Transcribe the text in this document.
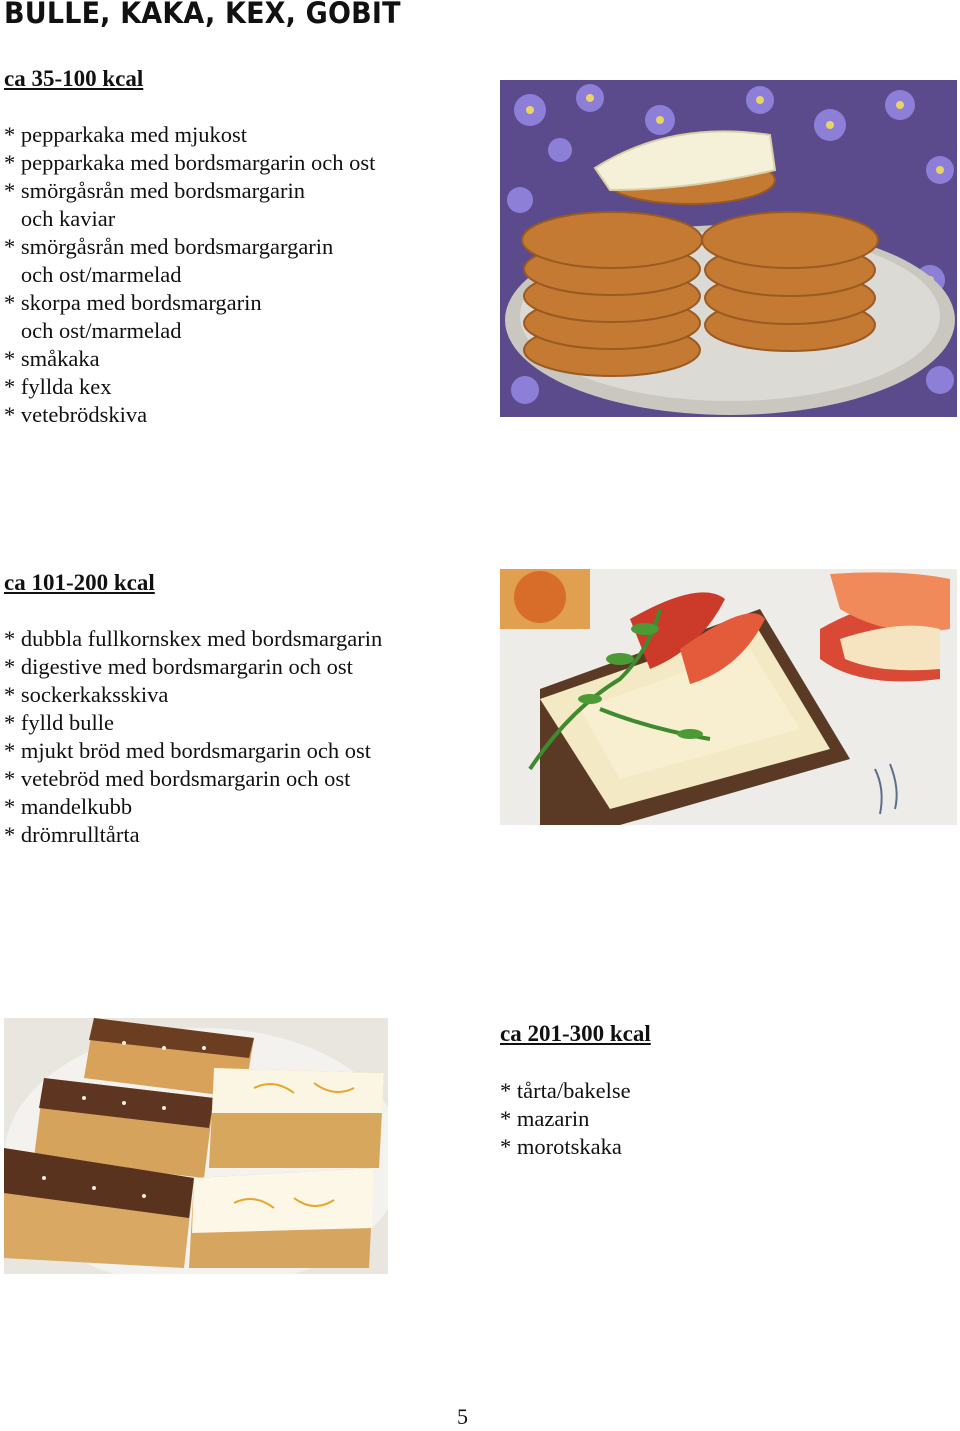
BULLE, KAKA, KEX, GOBIT
ca 35-100 kcal
* pepparkaka med mjukost
* pepparkaka med bordsmargarin och ost
* smörgåsrån med bordsmargarin
och kaviar
* smörgåsrån med bordsmargargarin
och ost/marmelad
* skorpa med bordsmargarin
och ost/marmelad
* småkaka
* fyllda kex
* vetebrödskiva
ca 101-200 kcal
* dubbla fullkornskex med bordsmargarin
* digestive med bordsmargarin och ost
* sockerkaksskiva
* fylld bulle
* mjukt bröd med bordsmargarin och ost
* vetebröd med bordsmargarin och ost
* mandelkubb
* drömrulltårta
ca 201-300 kcal
* tårta/bakelse
* mazarin
* morotskaka
5
